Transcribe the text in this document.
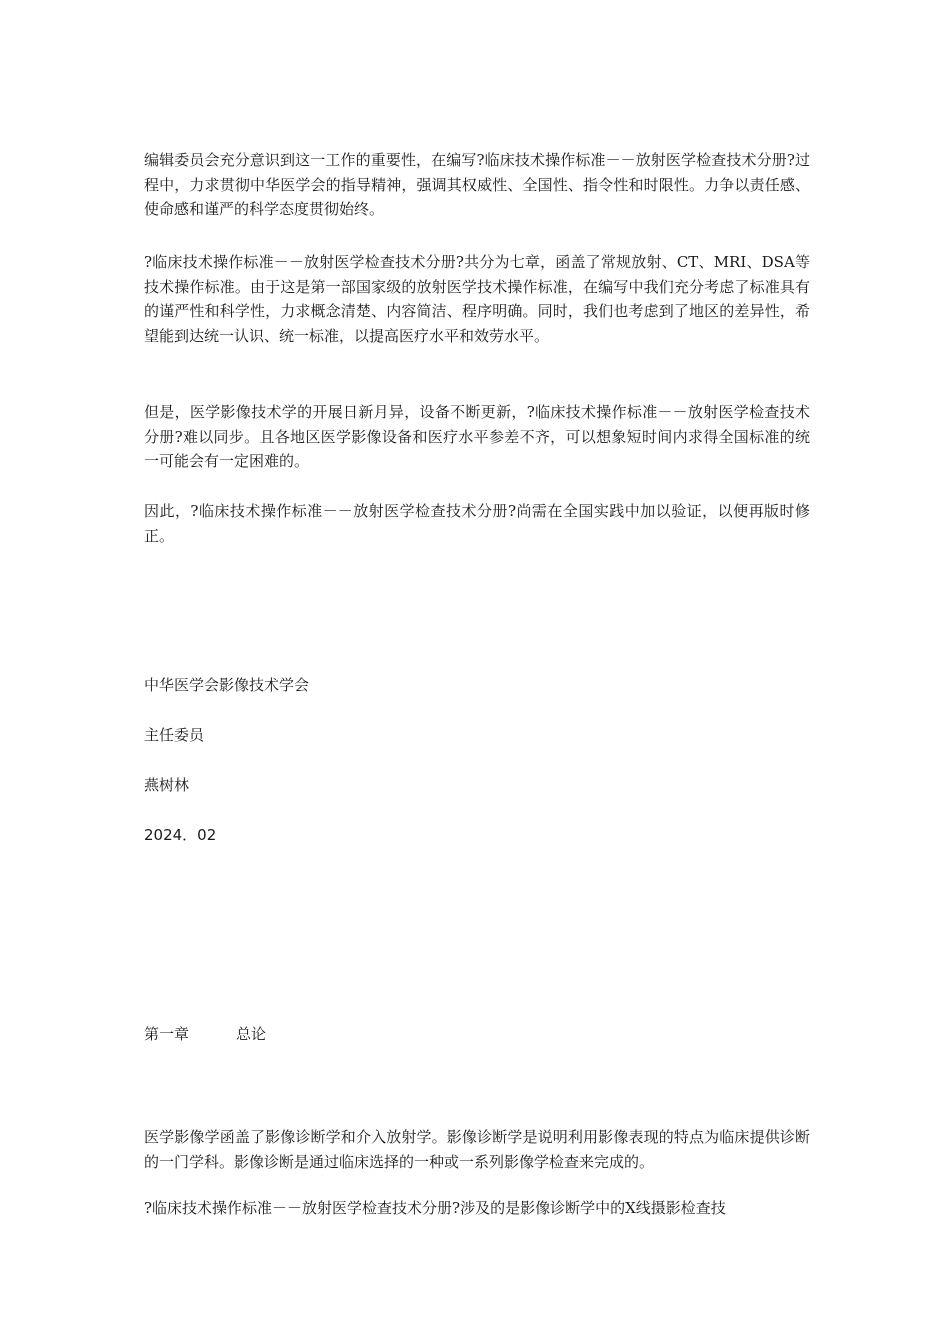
编辑委员会充分意识到这一工作的重要性，在编写?临床技术操作标准－－放射医学检查技术分册?过程中，力求贯彻中华医学会的指导精神，强调其权威性、全国性、指令性和时限性。力争以责任感、使命感和谨严的科学态度贯彻始终。

?临床技术操作标准－－放射医学检查技术分册?共分为七章，函盖了常规放射、CT、MRI、DSA等技术操作标准。由于这是第一部国家级的放射医学技术操作标准，在编写中我们充分考虑了标准具有的谨严性和科学性，力求概念清楚、内容简洁、程序明确。同时，我们也考虑到了地区的差异性，希望能到达统一认识、统一标准，以提高医疗水平和效劳水平。

但是，医学影像技术学的开展日新月异，设备不断更新，?临床技术操作标准－－放射医学检查技术分册?难以同步。且各地区医学影像设备和医疗水平参差不齐，可以想象短时间内求得全国标准的统一可能会有一定困难的。

因此，?临床技术操作标准－－放射医学检查技术分册?尚需在全国实践中加以验证，以便再版时修正。

中华医学会影像技术学会

主任委员

燕树林

2024．02

第一章	总论

医学影像学函盖了影像诊断学和介入放射学。影像诊断学是说明利用影像表现的特点为临床提供诊断的一门学科。影像诊断是通过临床选择的一种或一系列影像学检查来完成的。

?临床技术操作标准－－放射医学检查技术分册?涉及的是影像诊断学中的X线摄影检查技
